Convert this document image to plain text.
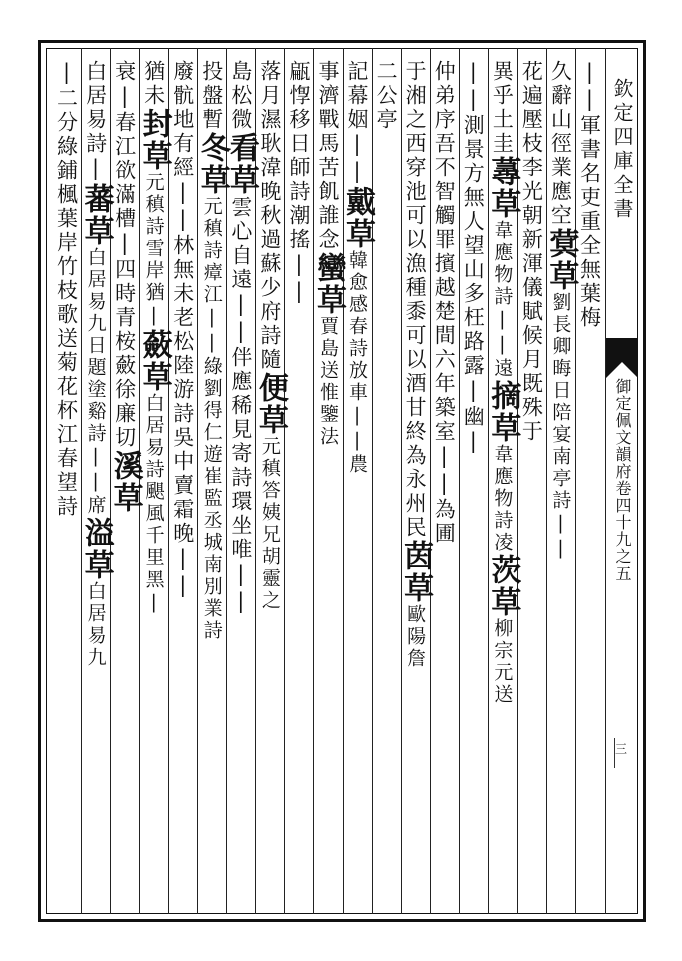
欽定四庫全書
御定佩文韻府卷四十九之五
三
||軍書名吏重全無葉梅
久辭山徑業應空蓂草劉長卿晦日陪宴南亭詩||
花遍壓枝李光朝新渾儀賦候月既殊于
異乎土圭蕁草韋應物詩||遠摘草韋應物詩凌茨草柳宗元送
||測景方無人望山多枉路露|幽|
仲弟序吾不智觸罪擯越楚間六年築室||為圃
于湘之西穿池可以漁種黍可以酒甘終為永州民茵草歐陽詹
二公亭
記幕姻||戴草韓愈感春詩放車||農
事濟戰馬苦飢誰念蠻草賈島送惟鑒法
甂惸移日師詩潮搖||
落月濕耿湋晚秋過蘇少府詩隨便草元稹答姨兄胡靈之
島松微看草雲心自遠||伴應稀見寄詩環坐唯||
投盤暫冬草元稹詩瘴江||綠劉得仁遊崔監丞城南別業詩
廢骯地有經||林無未老松陸游詩吳中賣霜晚||
猶未封草元稹詩雪岸猶|蘞草白居易詩颶風千里黑|
衰|春江欲滿槽|四時青桉蘞徐廉切溪草
白居易詩|蕃草白居易九日題塗谿詩||席溢草白居易九
|二分綠鋪楓葉岸竹枝歌送菊花杯江春望詩
